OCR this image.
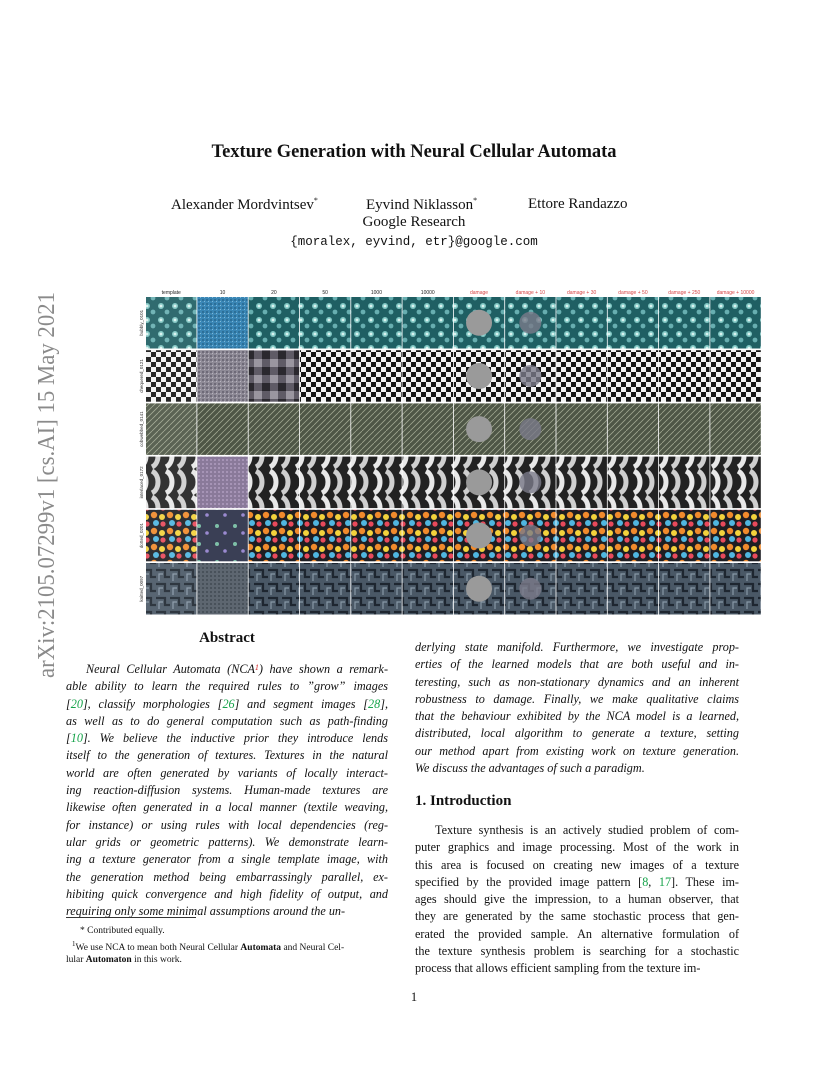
arXiv:2105.07299v1 [cs.AI] 15 May 2021
Texture Generation with Neural Cellular Automata
Alexander Mordvintsev*	Eyvind Niklasson*	Ettore Randazzo
Google Research
{moralex, eyvind, etr}@google.com
template	10	20	50	1000	10000	damage	damage + 10	damage + 30	damage + 50	damage + 250	damage + 10000
bubbly_0101
chequered_0121
cobwebbed_0141
interlaced_0172
dotted_0201
knitted_0097
Abstract
Neural Cellular Automata (NCA$^1$) have shown a remark-
able ability to learn the required rules to ”grow” images
[20], classify morphologies [26] and segment images [28],
as well as to do general computation such as path-finding
[10]. We believe the inductive prior they introduce lends
itself to the generation of textures. Textures in the natural
world are often generated by variants of locally interact-
ing reaction-diffusion systems. Human-made textures are
likewise often generated in a local manner (textile weaving,
for instance) or using rules with local dependencies (reg-
ular grids or geometric patterns). We demonstrate learn-
ing a texture generator from a single template image, with
the generation method being embarrassingly parallel, ex-
hibiting quick convergence and high fidelity of output, and
requiring only some minimal assumptions around the un-
derlying state manifold. Furthermore, we investigate prop-
erties of the learned models that are both useful and in-
teresting, such as non-stationary dynamics and an inherent
robustness to damage. Finally, we make qualitative claims
that the behaviour exhibited by the NCA model is a learned,
distributed, local algorithm to generate a texture, setting
our method apart from existing work on texture generation.
We discuss the advantages of such a paradigm.
* Contributed equally.
$^1$We use NCA to mean both Neural Cellular Automata and Neural Cel-
lular Automaton in this work.
1. Introduction
Texture synthesis is an actively studied problem of com-
puter graphics and image processing. Most of the work in
this area is focused on creating new images of a texture
specified by the provided image pattern [8, 17]. These im-
ages should give the impression, to a human observer, that
they are generated by the same stochastic process that gen-
erated the provided sample. An alternative formulation of
the texture synthesis problem is searching for a stochastic
process that allows efficient sampling from the texture im-
1
